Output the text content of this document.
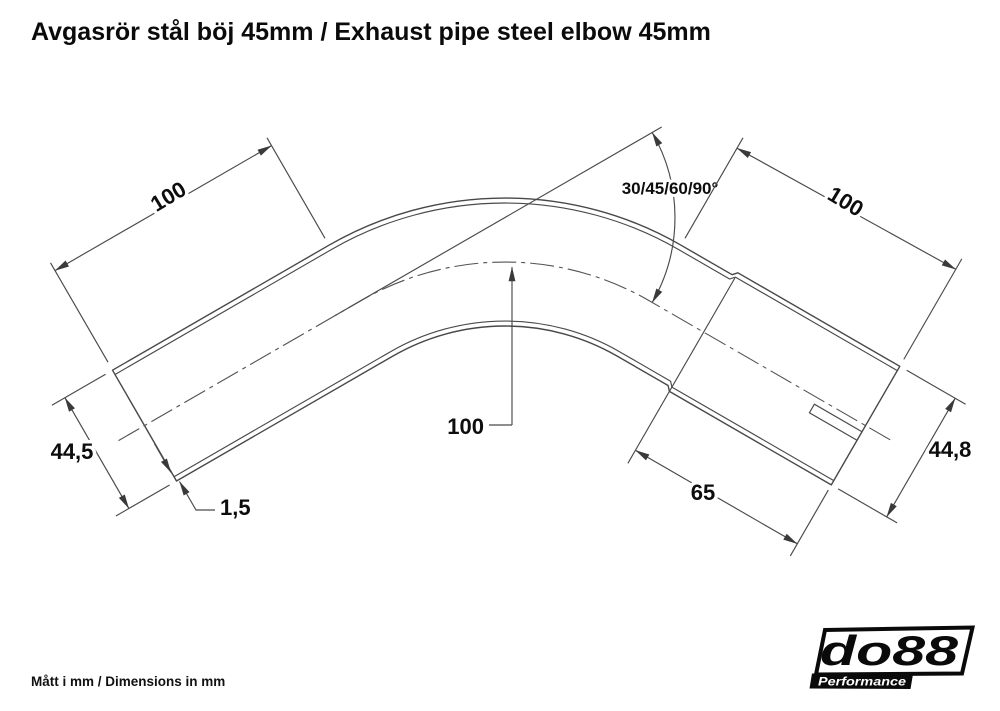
Avgasrör stål böj 45mm / Exhaust pipe steel elbow 45mm
30/45/60/90°
100	100
100
44,5
1,5
65
44,8
do88
Performance
Mått i mm / Dimensions in mm
